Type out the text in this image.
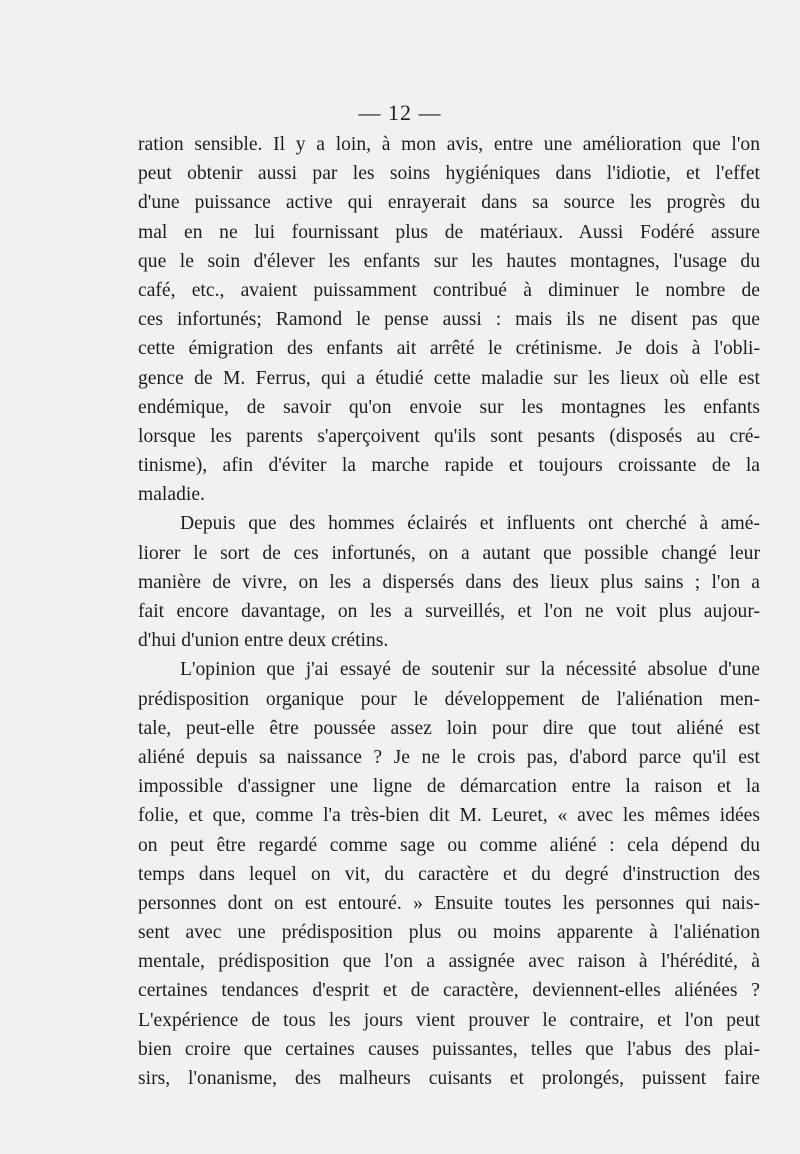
— 12 —
ration sensible. Il y a loin, à mon avis, entre une amélioration que l'on
peut obtenir aussi par les soins hygiéniques dans l'idiotie, et l'effet
d'une puissance active qui enrayerait dans sa source les progrès du
mal en ne lui fournissant plus de matériaux. Aussi Fodéré assure
que le soin d'élever les enfants sur les hautes montagnes, l'usage du
café, etc., avaient puissamment contribué à diminuer le nombre de
ces infortunés; Ramond le pense aussi : mais ils ne disent pas que
cette émigration des enfants ait arrêté le crétinisme. Je dois à l'obli-
gence de M. Ferrus, qui a étudié cette maladie sur les lieux où elle est
endémique, de savoir qu'on envoie sur les montagnes les enfants
lorsque les parents s'aperçoivent qu'ils sont pesants (disposés au cré-
tinisme), afin d'éviter la marche rapide et toujours croissante de la
maladie.
Depuis que des hommes éclairés et influents ont cherché à amé-
liorer le sort de ces infortunés, on a autant que possible changé leur
manière de vivre, on les a dispersés dans des lieux plus sains ; l'on a
fait encore davantage, on les a surveillés, et l'on ne voit plus aujour-
d'hui d'union entre deux crétins.
L'opinion que j'ai essayé de soutenir sur la nécessité absolue d'une
prédisposition organique pour le développement de l'aliénation men-
tale, peut-elle être poussée assez loin pour dire que tout aliéné est
aliéné depuis sa naissance ? Je ne le crois pas, d'abord parce qu'il est
impossible d'assigner une ligne de démarcation entre la raison et la
folie, et que, comme l'a très-bien dit M. Leuret, « avec les mêmes idées
on peut être regardé comme sage ou comme aliéné : cela dépend du
temps dans lequel on vit, du caractère et du degré d'instruction des
personnes dont on est entouré. » Ensuite toutes les personnes qui nais-
sent avec une prédisposition plus ou moins apparente à l'aliénation
mentale, prédisposition que l'on a assignée avec raison à l'hérédité, à
certaines tendances d'esprit et de caractère, deviennent-elles aliénées ?
L'expérience de tous les jours vient prouver le contraire, et l'on peut
bien croire que certaines causes puissantes, telles que l'abus des plai-
sirs, l'onanisme, des malheurs cuisants et prolongés, puissent faire
